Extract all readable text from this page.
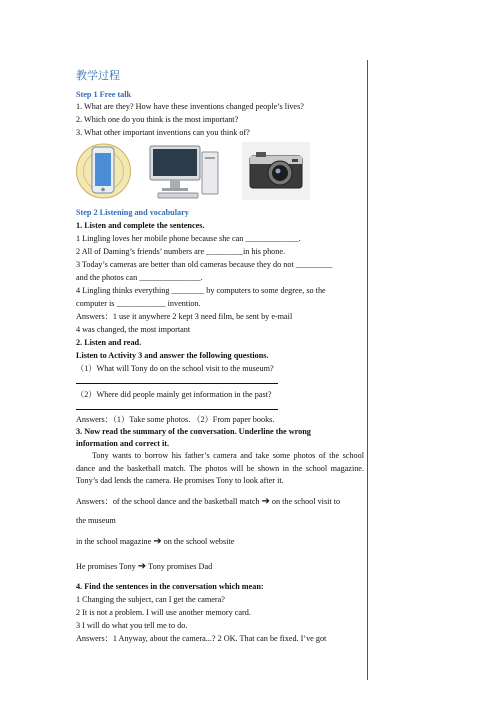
教学过程
Step 1 Free talk
1. What are they? How have these inventions changed people’s lives?
2. Which one do you think is the most important?
3. What other important inventions can you think of?
Step 2 Listening and vocabulary
1. Listen and complete the sentences.
1 Lingling loves her mobile phone because she can _____________.
2 All of Daming’s friends’ numbers are _________in his phone.
3 Today’s cameras are better than old cameras because they do not _________
and the photos can _______________.
4 Lingling thinks everything ________ by computers to some degree, so the
computer is ____________ invention.
Answers：1 use it anywhere 2 kept 3 need film, be sent by e-mail
4 was changed, the most important
2. Listen and read.
Listen to Activity 3 and answer the following questions.
（1）What will Tony do on the school visit to the museum?
（2）Where did people mainly get information in the past?
Answers：（1）Take some photos. （2）From paper books.
3. Now read the summary of the conversation. Underline the wrong
information and correct it.
Tony wants to borrow his father’s camera and take some photos of the school dance and the basketball match. The photos will be shown in the school magazine. Tony’s dad lends the camera. He promises Tony to look after it.
Answers：of the school dance and the basketball match ➔ on the school visit to
the museum
in the school magazine ➔ on the school website
He promises Tony ➔ Tony promises Dad
4. Find the sentences in the conversation which mean:
1 Changing the subject, can I get the camera?
2 It is not a problem. I will use another memory card.
3 I will do what you tell me to do.
Answers：1 Anyway, about the camera...? 2 OK. That can be fixed. I’ve got
